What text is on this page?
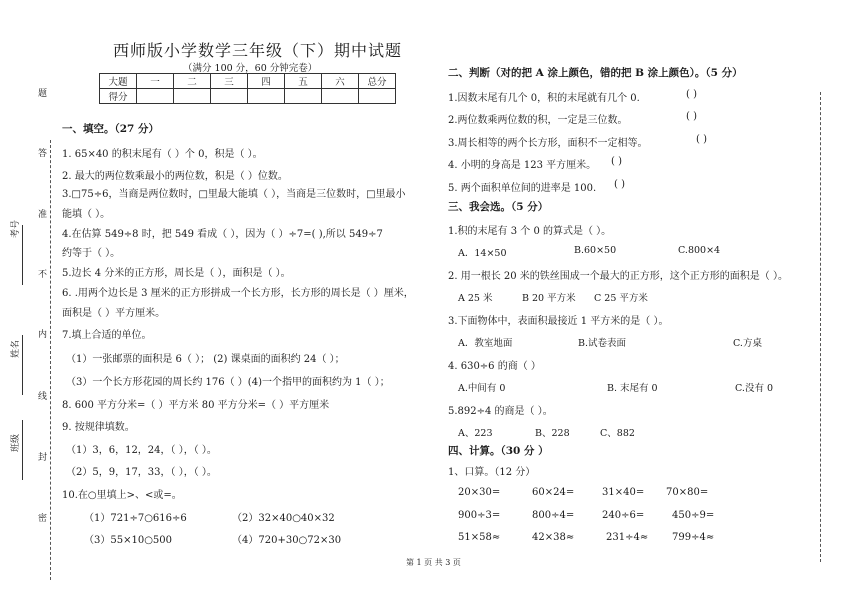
题
答
准
不
内
线
封
密
考号
姓名
班级
西师版小学数学三年级（下）期中试题
（满分 100 分，60 分钟完卷）
大题	一	二	三	四	五	六	总分
得分							
一、填空。（27 分）
1. 65×40 的积末尾有（ ）个 0，积是（ ）。
2. 最大的两位数乘最小的两位数，积是（ ）位数。
3.□75÷6，当商是两位数时，□里最大能填（ ），当商是三位数时，□里最小
能填（ ）。
4.在估算 549÷8 时，把 549 看成（ ），因为（ ）÷7=( ),所以 549÷7
约等于（ ）。
5.边长 4 分米的正方形，周长是（ ），面积是（ ）。
6. .用两个边长是 3 厘米的正方形拼成一个长方形，长方形的周长是（ ）厘米，
面积是（ ）平方厘米。
7.填上合适的单位。
（1）一张邮票的面积是 6（ ）； (2) 课桌面的面积约 24（ ）；
（3）一个长方形花园的周长约 176（ ）(4)一个指甲的面积约为 1（ ）；
8. 600 平方分米=（ ）平方米 80 平方分米=（ ）平方厘米
9. 按规律填数。
（1）3，6，12，24，（ ），（ ）。
（2）5，9，17，33，（ ），（ ）。
10.在○里填上>、<或=。
（1）721÷7○616÷6	（2）32×40○40×32
（3）55×10○500	（4）720+30○72×30
二、判断（对的把 A 涂上颜色，错的把 B 涂上颜色）。（5 分）
1.因数末尾有几个 0，积的末尾就有几个 0.	( )
2.两位数乘两位数的积，一定是三位数。	( )
3.周长相等的两个长方形，面积不一定相等。	( )
4. 小明的身高是 123 平方厘米。 ( )
5. 两个面积单位间的进率是 100. ( )
三、我会选。（5 分）
1.积的末尾有 3 个 0 的算式是（ ）。
A．14×50	B.60×50	C.800×4
2. 用一根长 20 米的铁丝围成一个最大的正方形，这个正方形的面积是（ ）。
A 25 米	B 20 平方米 C 25 平方米
3.下面物体中，表面积最接近 1 平方米的是（ ）。
A．教室地面	B.试卷表面	C.方桌
4. 630÷6 的商（ ）
A.中间有 0	B. 末尾有 0	C.没有 0
5.892÷4 的商是（ ）。
A、223	B、228	C、882
四、计算。（30 分 ）
1、口算。（12 分）
20×30=	60×24=	31×40= 70×80=
900÷3=	800÷4=	240÷6=	450÷9=
51×58≈	42×38≈	231÷4≈ 799÷4≈
第 1 页 共 3 页
